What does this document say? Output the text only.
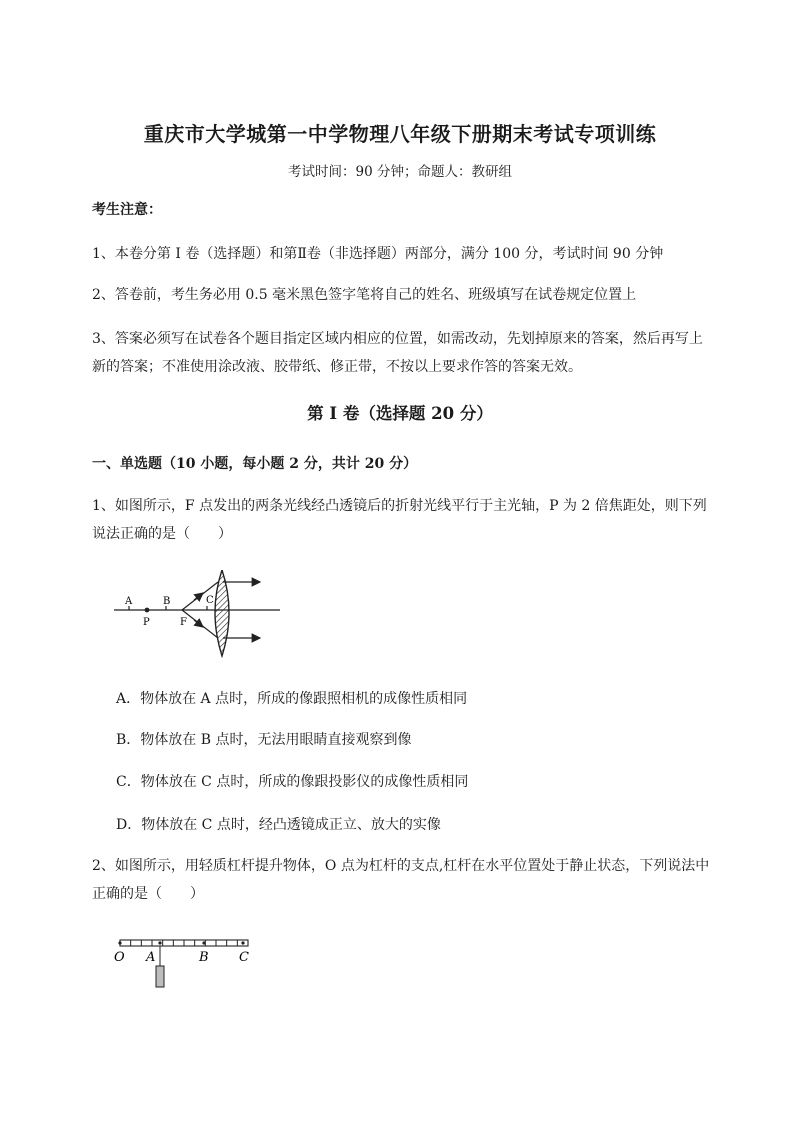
重庆市大学城第一中学物理八年级下册期末考试专项训练
考试时间：90 分钟；命题人：教研组
考生注意：
1、本卷分第 I 卷（选择题）和第Ⅱ卷（非选择题）两部分，满分 100 分，考试时间 90 分钟
2、答卷前，考生务必用 0.5 毫米黑色签字笔将自己的姓名、班级填写在试卷规定位置上
3、答案必须写在试卷各个题目指定区域内相应的位置，如需改动，先划掉原来的答案，然后再写上新的答案；不准使用涂改液、胶带纸、修正带，不按以上要求作答的答案无效。
第 I 卷（选择题 20 分）
一、单选题（10 小题，每小题 2 分，共计 20 分）
1、如图所示，F 点发出的两条光线经凸透镜后的折射光线平行于主光轴，P 为 2 倍焦距处，则下列说法正确的是（　　）
A
P
B
F
C
A．物体放在 A 点时，所成的像跟照相机的成像性质相同
B．物体放在 B 点时，无法用眼睛直接观察到像
C．物体放在 C 点时，所成的像跟投影仪的成像性质相同
D．物体放在 C 点时，经凸透镜成正立、放大的实像
2、如图所示，用轻质杠杆提升物体，O 点为杠杆的支点,杠杆在水平位置处于静止状态，下列说法中正确的是（　　）
O A	B C
